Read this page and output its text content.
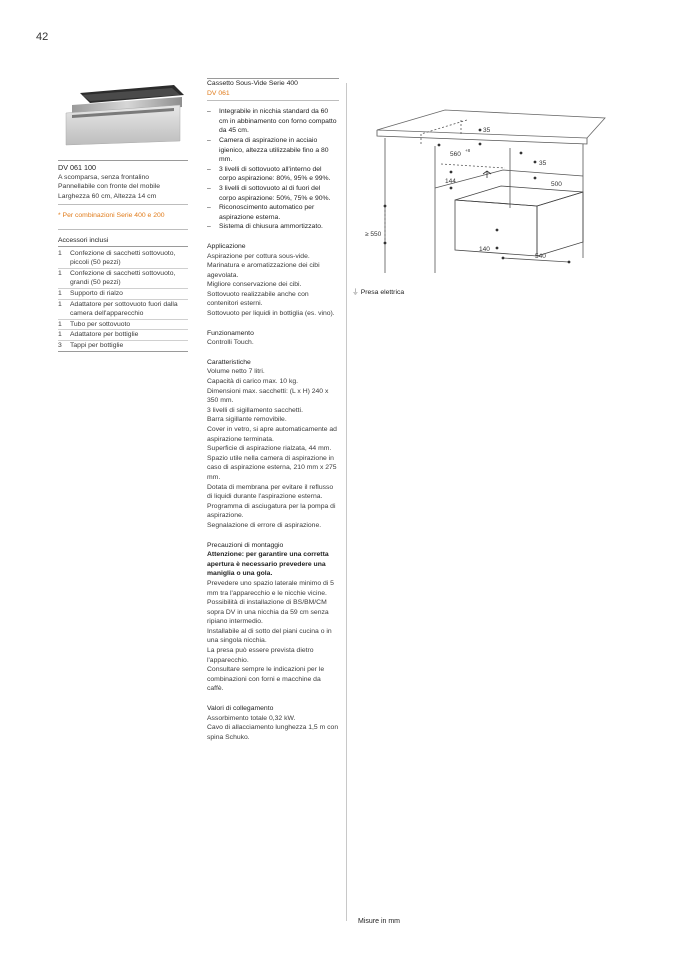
42
DV 061 100
A scomparsa, senza frontalino
Pannellabile con fronte del mobile
Larghezza 60 cm, Altezza 14 cm
* Per combinazioni Serie 400 e 200
Accessori inclusi
1	Confezione di sacchetti sottovuoto, piccoli (50 pezzi)
1	Confezione di sacchetti sottovuoto, grandi (50 pezzi)
1	Supporto di rialzo
1	Adattatore per sottovuoto fuori dalla camera dell'apparecchio
1	Tubo per sottovuoto
1	Adattatore per bottiglie
3	Tappi per bottiglie
Cassetto Sous-Vide Serie 400
DV 061
– Integrabile in nicchia standard da 60 cm in abbinamento con forno compatto da 45 cm.
– Camera di aspirazione in acciaio igienico, altezza utilizzabile fino a 80 mm.
– 3 livelli di sottovuoto all'interno del corpo aspirazione: 80%, 95% e 99%.
– 3 livelli di sottovuoto al di fuori del corpo aspirazione: 50%, 75% e 90%.
– Riconoscimento automatico per aspirazione esterna.
– Sistema di chiusura ammortizzato.
Applicazione
Aspirazione per cottura sous-vide.
Marinatura e aromatizzazione dei cibi agevolata.
Migliore conservazione dei cibi.
Sottovuoto realizzabile anche con contenitori esterni.
Sottovuoto per liquidi in bottiglia (es. vino).
Funzionamento
Controlli Touch.
Caratteristiche
Volume netto 7 litri.
Capacità di carico max. 10 kg.
Dimensioni max. sacchetti: (L x H) 240 x 350 mm.
3 livelli di sigillamento sacchetti.
Barra sigillante removibile.
Cover in vetro, si apre automaticamente ad aspirazione terminata.
Superficie di aspirazione rialzata, 44 mm.
Spazio utile nella camera di aspirazione in caso di aspirazione esterna, 210 mm x 275 mm.
Dotata di membrana per evitare il reflusso di liquidi durante l'aspirazione esterna.
Programma di asciugatura per la pompa di aspirazione.
Segnalazione di errore di aspirazione.
Precauzioni di montaggio
Attenzione: per garantire una corretta apertura è necessario prevedere una maniglia o una gola.
Prevedere uno spazio laterale minimo di 5 mm tra l'apparecchio e le nicchie vicine.
Possibilità di installazione di BS/BM/CM sopra DV in una nicchia da 59 cm senza ripiano intermedio.
Installabile al di sotto del piani cucina o in una singola nicchia.
La presa può essere prevista dietro l'apparecchio.
Consultare sempre le indicazioni per le combinazioni con forni e macchine da caffè.
Valori di collegamento
Assorbimento totale 0,32 kW.
Cavo di allacciamento lunghezza 1,5 m con spina Schuko.
35
560
+8
35
144	500
≥ 550
140
540
⏚ Presa elettrica
Misure in mm
